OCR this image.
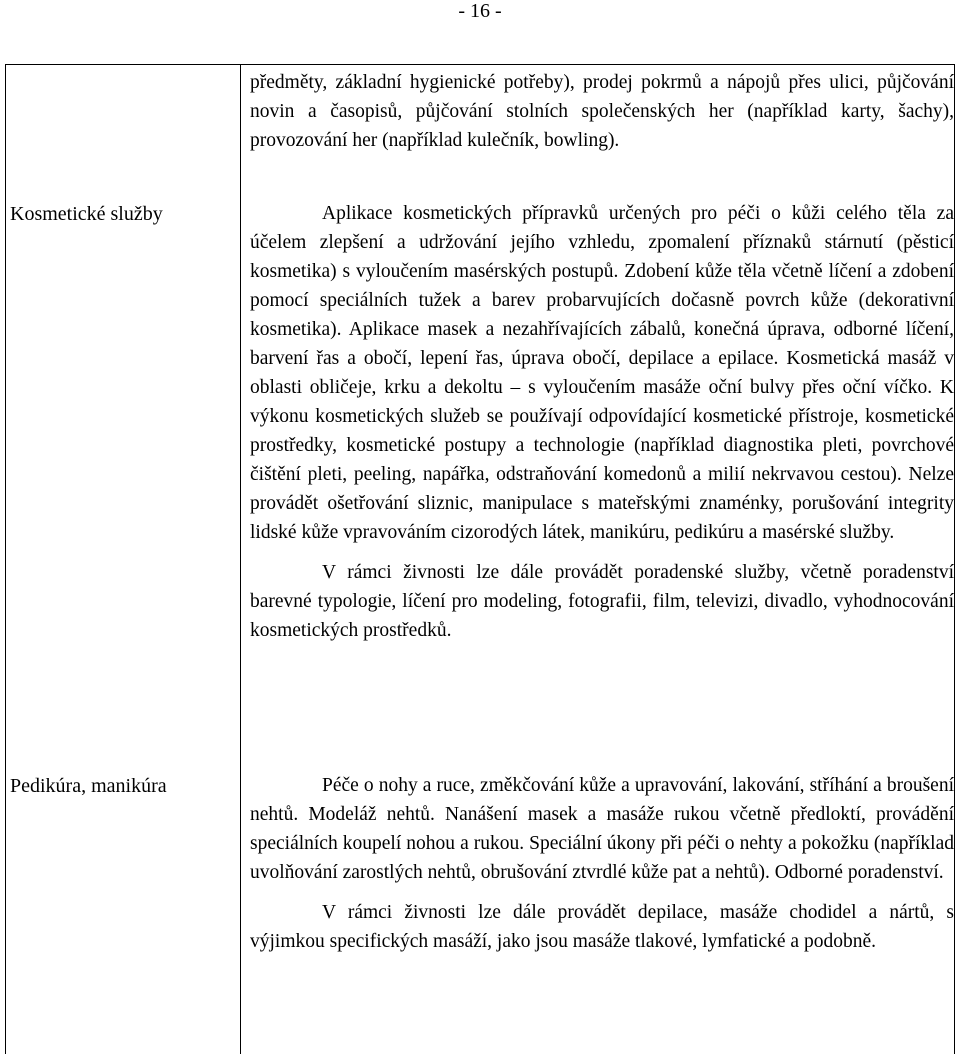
- 16 -

předměty, základní hygienické potřeby), prodej pokrmů a nápojů přes ulici, půjčování novin a časopisů, půjčování stolních společenských her (například karty, šachy), provozování her (například kulečník, bowling).

Kosmetické služby	Aplikace kosmetických přípravků určených pro péči o kůži celého těla za účelem zlepšení a udržování jejího vzhledu, zpomalení příznaků stárnutí (pěsticí kosmetika) s vyloučením masérských postupů. Zdobení kůže těla včetně líčení a zdobení pomocí speciálních tužek a barev probarvujících dočasně povrch kůže (dekorativní kosmetika). Aplikace masek a nezahřívajících zábalů, konečná úprava, odborné líčení, barvení řas a obočí, lepení řas, úprava obočí, depilace a epilace. Kosmetická masáž v oblasti obličeje, krku a dekoltu – s vyloučením masáže oční bulvy přes oční víčko. K výkonu kosmetických služeb se používají odpovídající kosmetické přístroje, kosmetické prostředky, kosmetické postupy a technologie (například diagnostika pleti, povrchové čištění pleti, peeling, napářka, odstraňování komedonů a milií nekrvavou cestou). Nelze provádět ošetřování sliznic, manipulace s mateřskými znaménky, porušování integrity lidské kůže vpravováním cizorodých látek, manikúru, pedikúru a masérské služby.

V rámci živnosti lze dále provádět poradenské služby, včetně poradenství barevné typologie, líčení pro modeling, fotografii, film, televizi, divadlo, vyhodnocování kosmetických prostředků.

Pedikúra, manikúra	Péče o nohy a ruce, změkčování kůže a upravování, lakování, stříhání a broušení nehtů. Modeláž nehtů. Nanášení masek a masáže rukou včetně předloktí, provádění speciálních koupelí nohou a rukou. Speciální úkony při péči o nehty a pokožku (například uvolňování zarostlých nehtů, obrušování ztvrdlé kůže pat a nehtů). Odborné poradenství.

V rámci živnosti lze dále provádět depilace, masáže chodidel a nártů, s výjimkou specifických masáží, jako jsou masáže tlakové, lymfatické a podobně.
